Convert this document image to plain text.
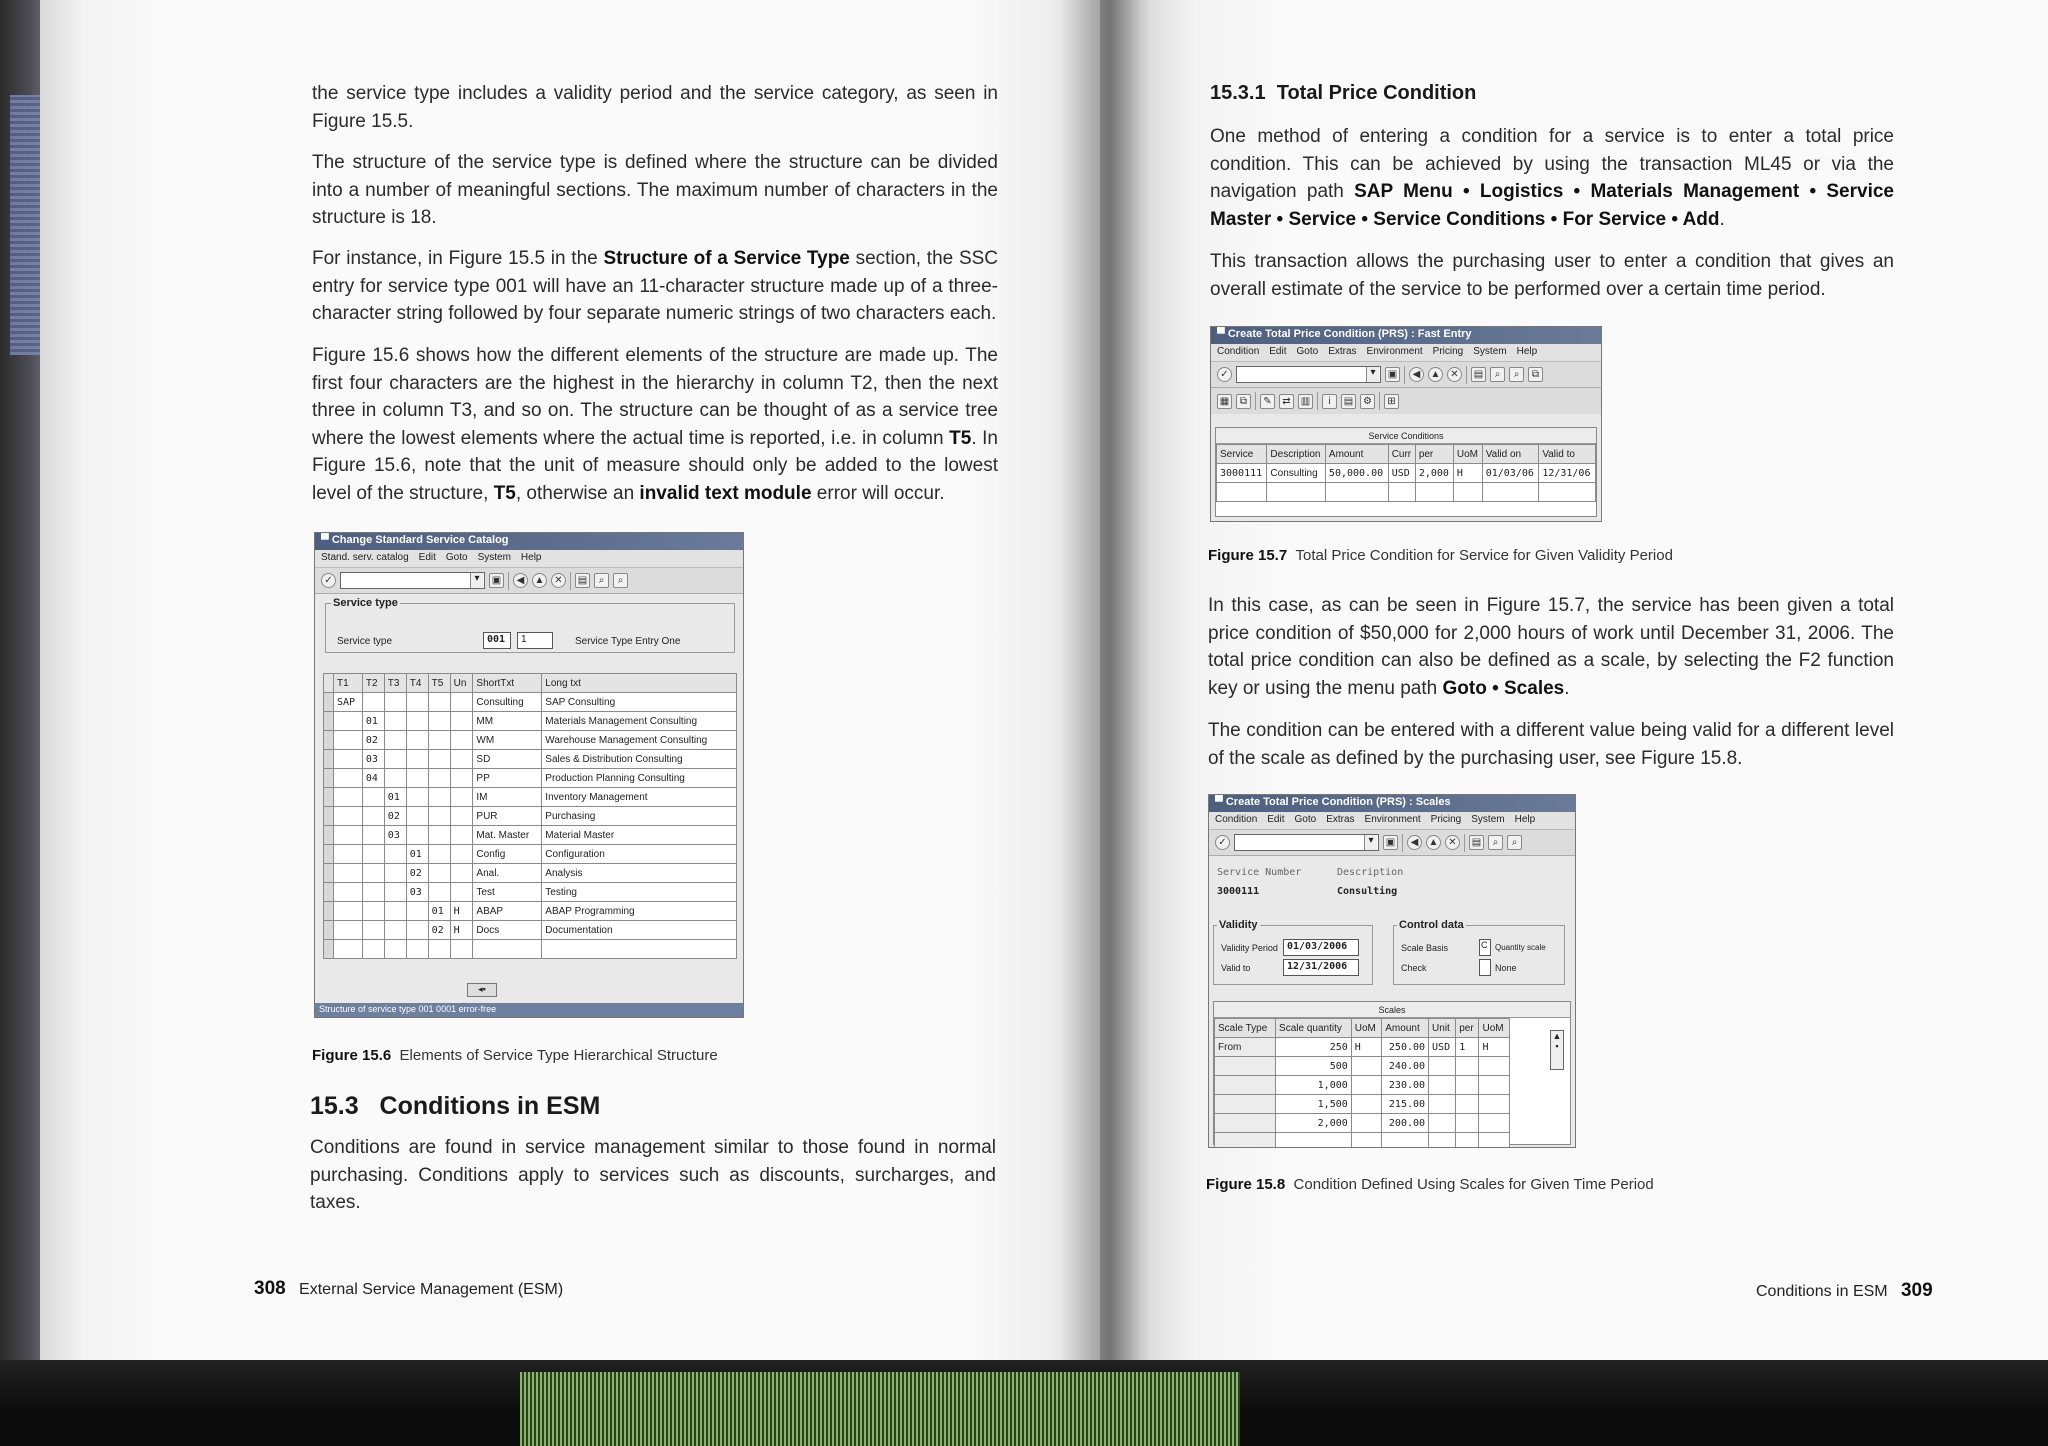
the service type includes a validity period and the service category, as seen in Figure 15.5.

The structure of the service type is defined where the structure can be divided into a number of meaningful sections. The maximum number of characters in the structure is 18.

For instance, in Figure 15.5 in the Structure of a Service Type section, the SSC entry for service type 001 will have an 11-character structure made up of a three-character string followed by four separate numeric strings of two characters each.

Figure 15.6 shows how the different elements of the structure are made up. The first four characters are the highest in the hierarchy in column T2, then the next three in column T3, and so on. The structure can be thought of as a service tree where the lowest elements where the actual time is reported, i.e. in column T5. In Figure 15.6, note that the unit of measure should only be added to the lowest level of the structure, T5, otherwise an invalid text module error will occur.

▀ Change Standard Service Catalog
Stand. serv. catalog Edit Goto System Help
✓ ▾	▣	◀	▲ ✕	▤	⌕	⌕
Service type
Service type	001	1	Service Type Entry One
	T1	T2	T3	T4	T5	Un	ShortTxt	Long txt
	SAP						Consulting	SAP Consulting
		01					MM	Materials Management Consulting
		02					WM	Warehouse Management Consulting
		03					SD	Sales & Distribution Consulting
		04					PP	Production Planning Consulting
			01				IM	Inventory Management
			02				PUR	Purchasing
			03				Mat. Master	Material Master
				01			Config	Configuration
				02			Anal.	Analysis
				03			Test	Testing
					01	H	ABAP	ABAP Programming
					02	H	Docs	Documentation

◂▪
Structure of service type 001 0001 error-free
Figure 15.6 Elements of Service Type Hierarchical Structure
15.3 Conditions in ESM

Conditions are found in service management similar to those found in normal purchasing. Conditions apply to services such as discounts, surcharges, and taxes.

308 External Service Management (ESM)
15.3.1 Total Price Condition

One method of entering a condition for a service is to enter a total price condition. This can be achieved by using the transaction ML45 or via the navigation path SAP Menu • Logistics • Materials Management • Service Master • Service • Service Conditions • For Service • Add.

This transaction allows the purchasing user to enter a condition that gives an overall estimate of the service to be performed over a certain time period.

▀ Create Total Price Condition (PRS) : Fast Entry
Condition Edit Goto Extras Environment Pricing System Help
✓ ▾	▣	◀	▲ ✕	▤	⌕	⌕	⧉
▦	⧉	✎	⇄	▥	i	▤ ⚙	⊞
Service Conditions
Service	Description	Amount	Curr	per	UoM	Valid on	Valid to
3000111	Consulting	50,000.00	USD	2,000	H	01/03/06	12/31/06

Figure 15.7 Total Price Condition for Service for Given Validity Period

In this case, as can be seen in Figure 15.7, the service has been given a total price condition of $50,000 for 2,000 hours of work until December 31, 2006. The total price condition can also be defined as a scale, by selecting the F2 function key or using the menu path Goto • Scales.

The condition can be entered with a different value being valid for a different level of the scale as defined by the purchasing user, see Figure 15.8.

▀ Create Total Price Condition (PRS) : Scales
Condition Edit Goto Extras Environment Pricing System Help
✓ ▾	▣	◀	▲ ✕	▤	⌕	⌕
Service Number	Description
3000111	Consulting
Validity
Validity Period 01/03/2006
Valid to	12/31/2006
Control data
Scale Basis	C Quantity scale
Check	None
Scales
Scale Type	Scale quantity	UoM	Amount	Unit	per	UoM
From	250	H	250.00	USD	1	H
	500		240.00			
	1,000		230.00			
	1,500		215.00			
	2,000		200.00			

▲
▪
Figure 15.8 Condition Defined Using Scales for Given Time Period
Conditions in ESM 309
